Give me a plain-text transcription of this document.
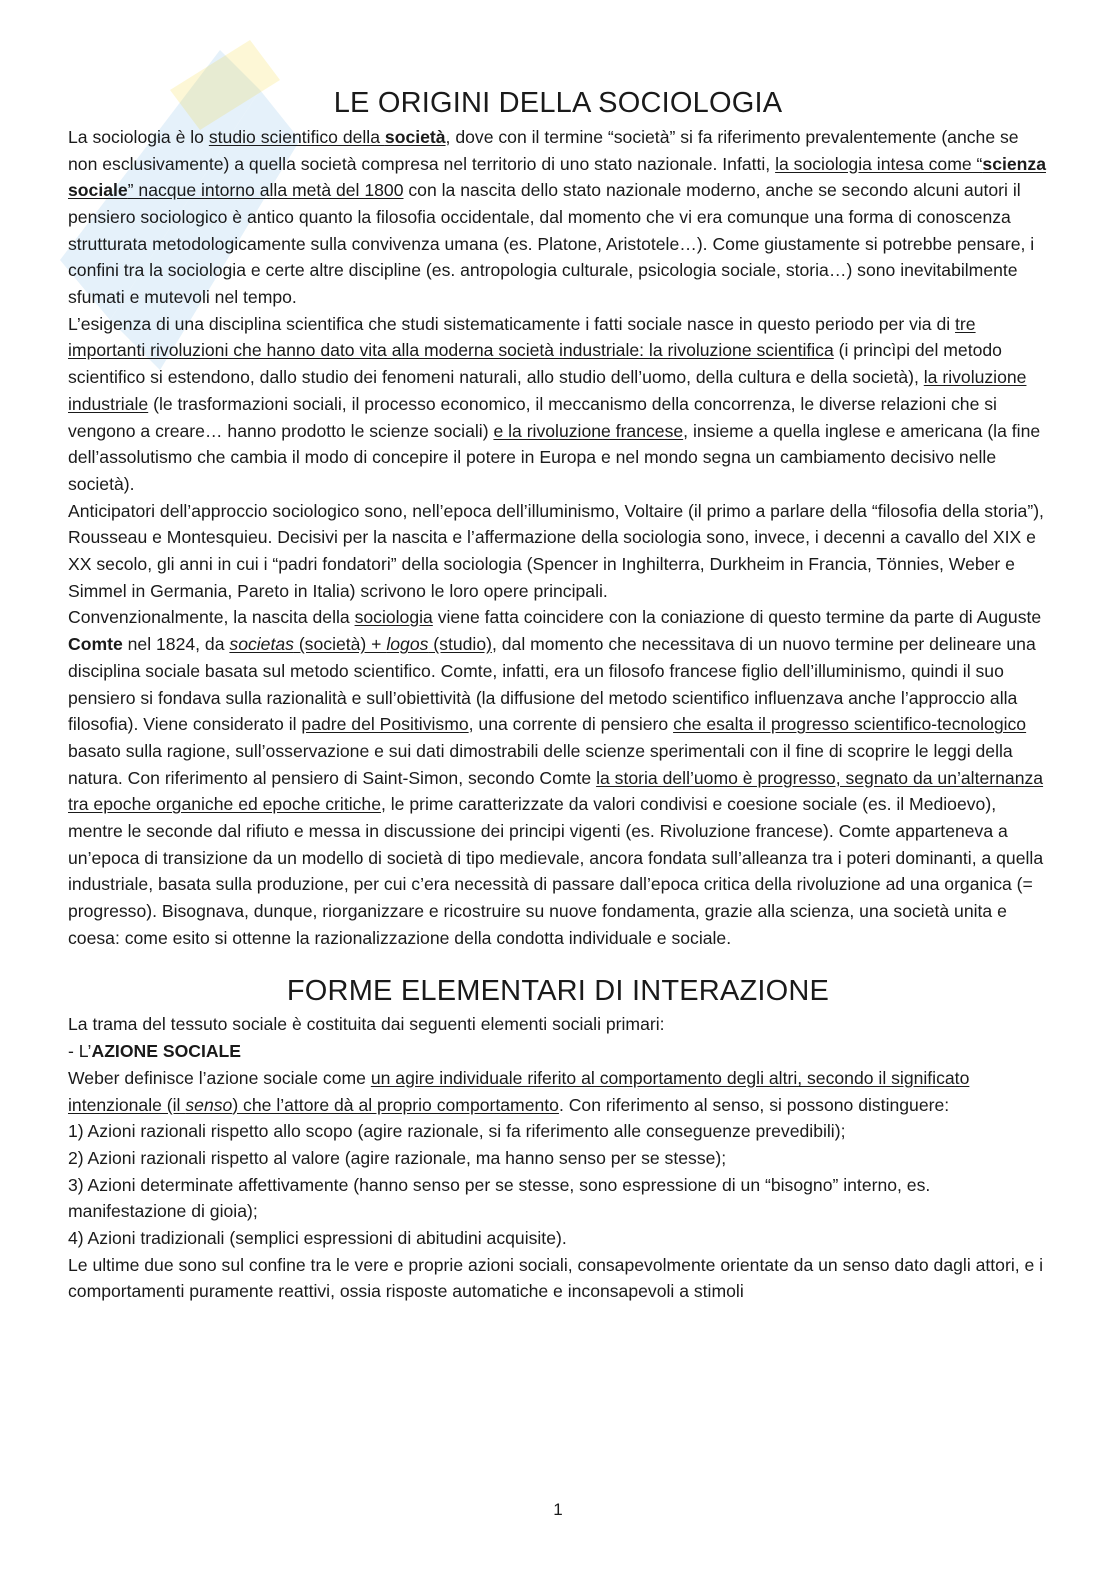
LE ORIGINI DELLA SOCIOLOGIA

La sociologia è lo studio scientifico della società, dove con il termine “società” si fa riferimento prevalentemente (anche se non esclusivamente) a quella società compresa nel territorio di uno stato nazionale. Infatti, la sociologia intesa come “scienza sociale” nacque intorno alla metà del 1800 con la nascita dello stato nazionale moderno, anche se secondo alcuni autori il pensiero sociologico è antico quanto la filosofia occidentale, dal momento che vi era comunque una forma di conoscenza strutturata metodologicamente sulla convivenza umana (es. Platone, Aristotele…). Come giustamente si potrebbe pensare, i confini tra la sociologia e certe altre discipline (es. antropologia culturale, psicologia sociale, storia…) sono inevitabilmente sfumati e mutevoli nel tempo.

L’esigenza di una disciplina scientifica che studi sistematicamente i fatti sociale nasce in questo periodo per via di tre importanti rivoluzioni che hanno dato vita alla moderna società industriale: la rivoluzione scientifica (i princìpi del metodo scientifico si estendono, dallo studio dei fenomeni naturali, allo studio dell’uomo, della cultura e della società), la rivoluzione industriale (le trasformazioni sociali, il processo economico, il meccanismo della concorrenza, le diverse relazioni che si vengono a creare… hanno prodotto le scienze sociali) e la rivoluzione francese, insieme a quella inglese e americana (la fine dell’assolutismo che cambia il modo di concepire il potere in Europa e nel mondo segna un cambiamento decisivo nelle società).

Anticipatori dell’approccio sociologico sono, nell’epoca dell’illuminismo, Voltaire (il primo a parlare della “filosofia della storia”), Rousseau e Montesquieu. Decisivi per la nascita e l’affermazione della sociologia sono, invece, i decenni a cavallo del XIX e XX secolo, gli anni in cui i “padri fondatori” della sociologia (Spencer in Inghilterra, Durkheim in Francia, Tönnies, Weber e Simmel in Germania, Pareto in Italia) scrivono le loro opere principali.

Convenzionalmente, la nascita della sociologia viene fatta coincidere con la coniazione di questo termine da parte di Auguste Comte nel 1824, da societas (società) + logos (studio), dal momento che necessitava di un nuovo termine per delineare una disciplina sociale basata sul metodo scientifico. Comte, infatti, era un filosofo francese figlio dell’illuminismo, quindi il suo pensiero si fondava sulla razionalità e sull’obiettività (la diffusione del metodo scientifico influenzava anche l’approccio alla filosofia). Viene considerato il padre del Positivismo, una corrente di pensiero che esalta il progresso scientifico-tecnologico basato sulla ragione, sull’osservazione e sui dati dimostrabili delle scienze sperimentali con il fine di scoprire le leggi della natura. Con riferimento al pensiero di Saint-Simon, secondo Comte la storia dell’uomo è progresso, segnato da un’alternanza tra epoche organiche ed epoche critiche, le prime caratterizzate da valori condivisi e coesione sociale (es. il Medioevo), mentre le seconde dal rifiuto e messa in discussione dei principi vigenti (es. Rivoluzione francese). Comte apparteneva a un’epoca di transizione da un modello di società di tipo medievale, ancora fondata sull’alleanza tra i poteri dominanti, a quella industriale, basata sulla produzione, per cui c’era necessità di passare dall’epoca critica della rivoluzione ad una organica (= progresso). Bisognava, dunque, riorganizzare e ricostruire su nuove fondamenta, grazie alla scienza, una società unita e coesa: come esito si ottenne la razionalizzazione della condotta individuale e sociale.

FORME ELEMENTARI DI INTERAZIONE

La trama del tessuto sociale è costituita dai seguenti elementi sociali primari:

- L’AZIONE SOCIALE

Weber definisce l’azione sociale come un agire individuale riferito al comportamento degli altri, secondo il significato intenzionale (il senso) che l’attore dà al proprio comportamento. Con riferimento al senso, si possono distinguere:

1) Azioni razionali rispetto allo scopo (agire razionale, si fa riferimento alle conseguenze prevedibili);

2) Azioni razionali rispetto al valore (agire razionale, ma hanno senso per se stesse);

3) Azioni determinate affettivamente (hanno senso per se stesse, sono espressione di un “bisogno” interno, es. manifestazione di gioia);

4) Azioni tradizionali (semplici espressioni di abitudini acquisite).

Le ultime due sono sul confine tra le vere e proprie azioni sociali, consapevolmente orientate da un senso dato dagli attori, e i comportamenti puramente reattivi, ossia risposte automatiche e inconsapevoli a stimoli

1
